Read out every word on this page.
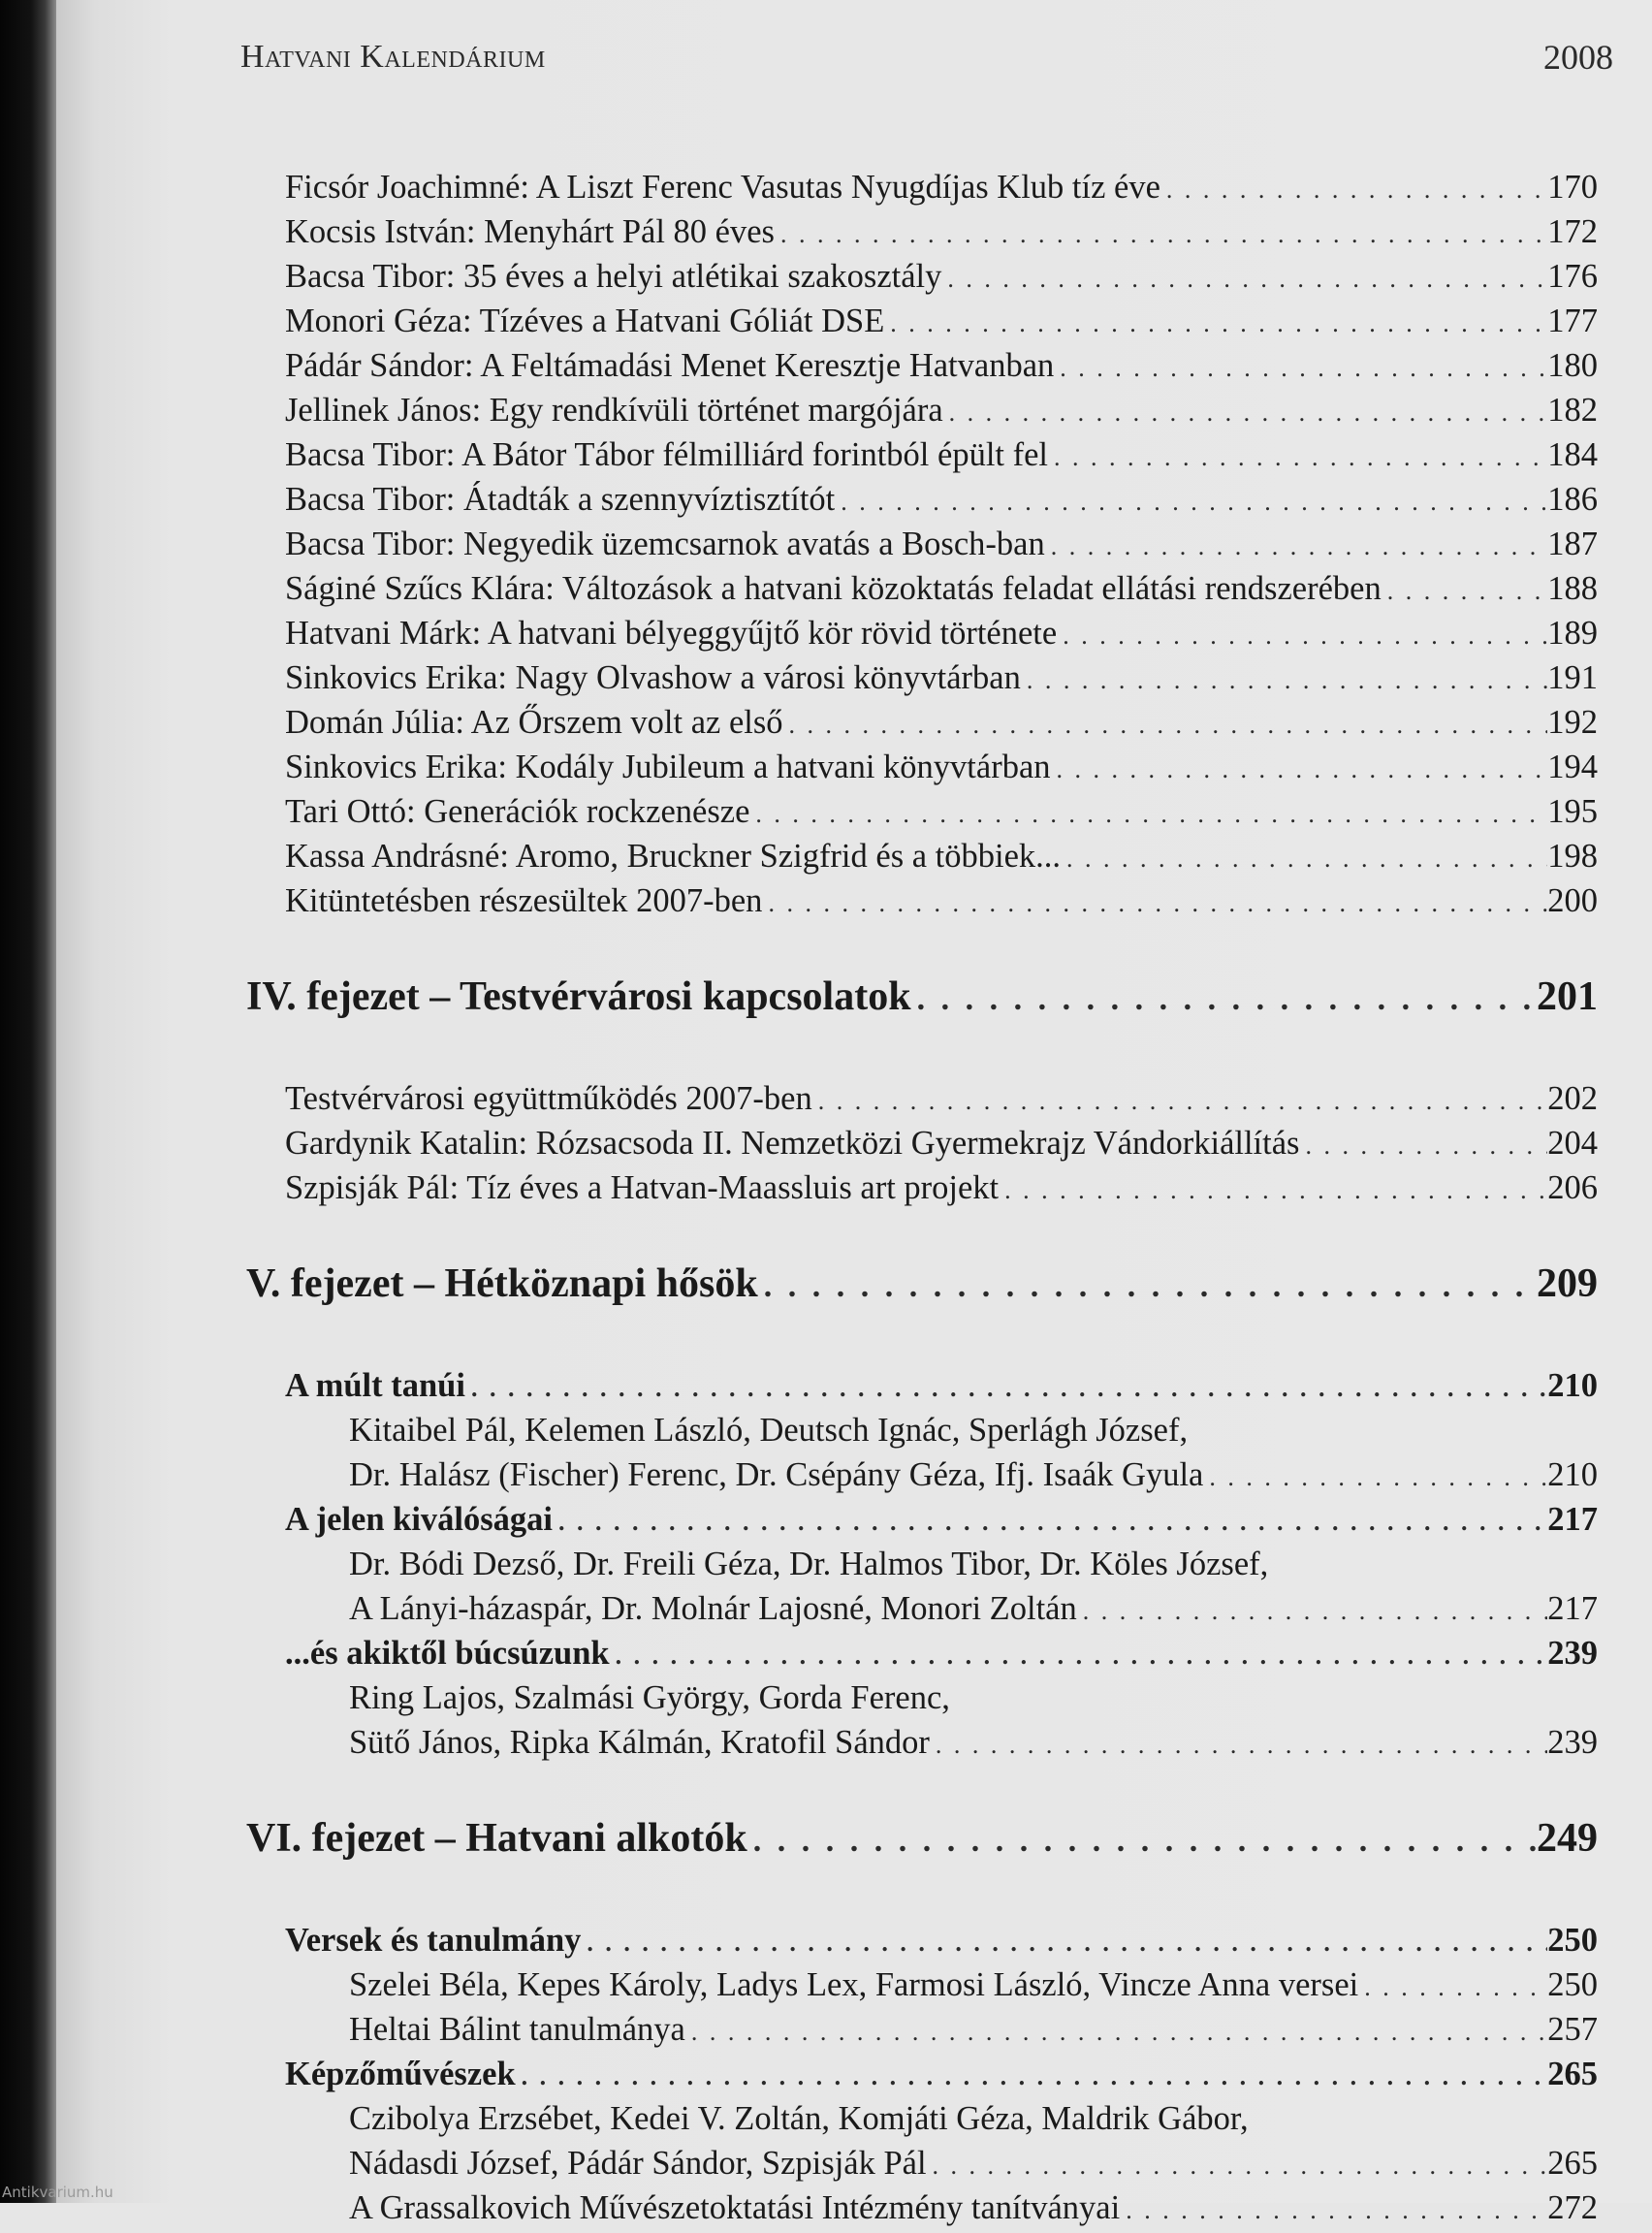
Hatvani Kalendárium	2008
Ficsór Joachimné: A Liszt Ferenc Vasutas Nyugdíjas Klub tíz éve . . .	170
Kocsis István: Menyhárt Pál 80 éves . . .	172
Bacsa Tibor: 35 éves a helyi atlétikai szakosztály . . .	176
Monori Géza: Tízéves a Hatvani Góliát DSE . . .	177
Pádár Sándor: A Feltámadási Menet Keresztje Hatvanban . . .	180
Jellinek János: Egy rendkívüli történet margójára . . .	182
Bacsa Tibor: A Bátor Tábor félmilliárd forintból épült fel . . .	184
Bacsa Tibor: Átadták a szennyvíztisztítót . . .	186
Bacsa Tibor: Negyedik üzemcsarnok avatás a Bosch-ban . . .	187
Ságiné Szűcs Klára: Változások a hatvani közoktatás feladat ellátási rendszerében . . .	188
Hatvani Márk: A hatvani bélyeggyűjtő kör rövid története . . .	189
Sinkovics Erika: Nagy Olvashow a városi könyvtárban . . .	191
Domán Júlia: Az Őrszem volt az első . . .	192
Sinkovics Erika: Kodály Jubileum a hatvani könyvtárban . . .	194
Tari Ottó: Generációk rockzenésze . . .	195
Kassa Andrásné: Aromo, Bruckner Szigfrid és a többiek... . . .	198
Kitüntetésben részesültek 2007-ben . . .	200
IV. fejezet – Testvérvárosi kapcsolatok . . .	201
Testvérvárosi együttműködés 2007-ben . . .	202
Gardynik Katalin: Rózsacsoda II. Nemzetközi Gyermekrajz Vándorkiállítás . . .	204
Szpisják Pál: Tíz éves a Hatvan-Maassluis art projekt . . .	206
V. fejezet – Hétköznapi hősök . . .	209
A múlt tanúi . . .	210
Kitaibel Pál, Kelemen László, Deutsch Ignác, Sperlágh József,
Dr. Halász (Fischer) Ferenc, Dr. Csépány Géza, Ifj. Isaák Gyula . . .	210
A jelen kiválóságai . . .	217
Dr. Bódi Dezső, Dr. Freili Géza, Dr. Halmos Tibor, Dr. Köles József,
A Lányi-házaspár, Dr. Molnár Lajosné, Monori Zoltán . . .	217
...és akiktől búcsúzunk . . .	239
Ring Lajos, Szalmási György, Gorda Ferenc,
Sütő János, Ripka Kálmán, Kratofil Sándor . . .	239
VI. fejezet – Hatvani alkotók . . .	249
Versek és tanulmány . . .	250
Szelei Béla, Kepes Károly, Ladys Lex, Farmosi László, Vincze Anna versei . . .	250
Heltai Bálint tanulmánya . . .	257
Képzőművészek . . .	265
Czibolya Erzsébet, Kedei V. Zoltán, Komjáti Géza, Maldrik Gábor,
Nádasdi József, Pádár Sándor, Szpisják Pál . . .	265
A Grassalkovich Művészetoktatási Intézmény tanítványai . . .	272
Antikvarium.hu
